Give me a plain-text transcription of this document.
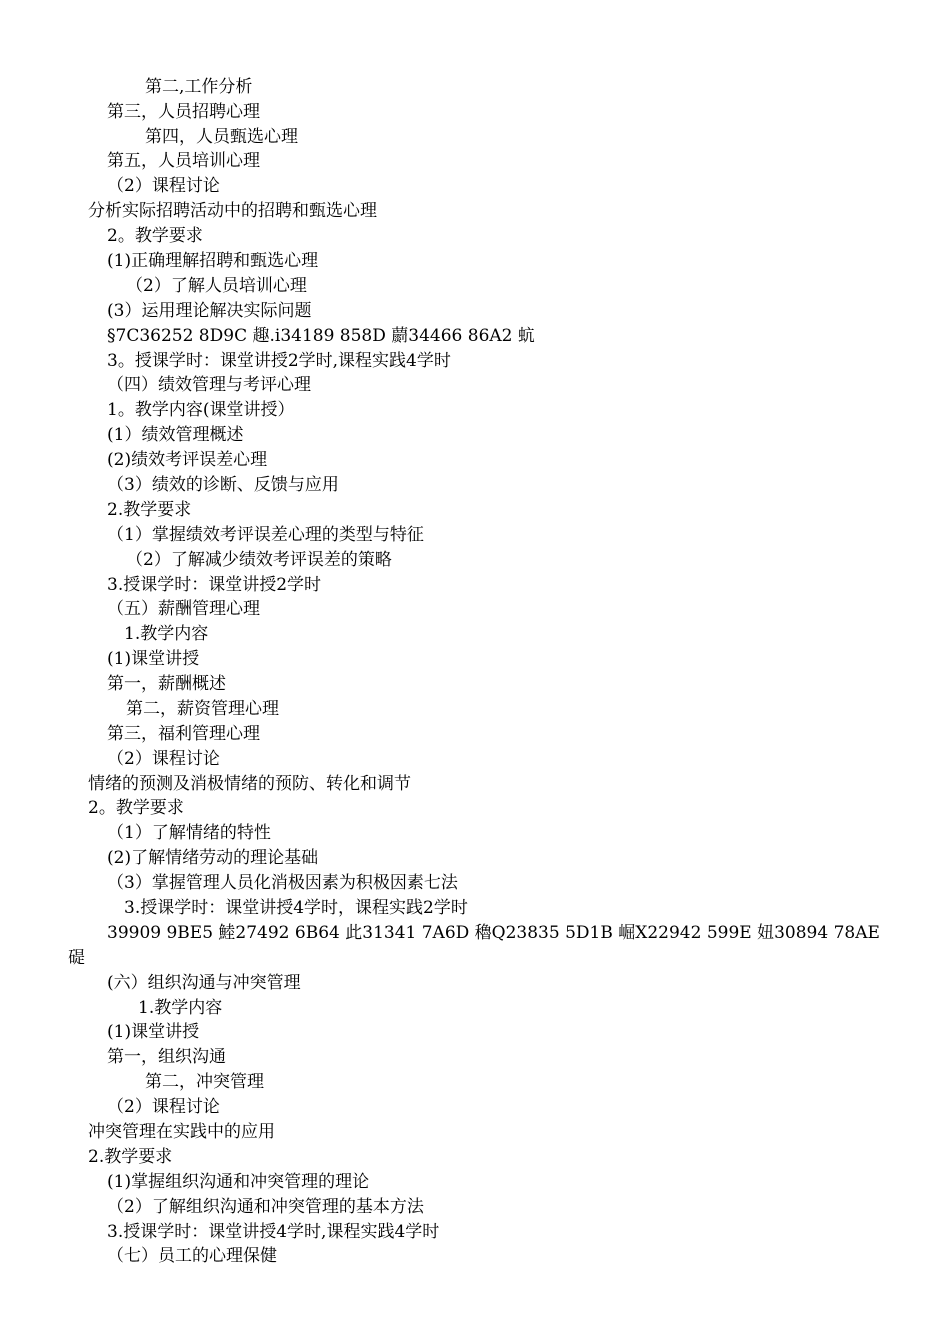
第二,工作分析
第三，人员招聘心理
第四，人员甄选心理
第五，人员培训心理
（2）课程讨论
分析实际招聘活动中的招聘和甄选心理
2。教学要求
(1)正确理解招聘和甄选心理
（2）了解人员培训心理
(3）运用理论解决实际问题
§7C36252 8D9C 趣.i34189 858D 蘮34466 86A2 蚢
3。授课学时：课堂讲授2学时,课程实践4学时
（四）绩效管理与考评心理
1。教学内容(课堂讲授）
(1）绩效管理概述
(2)绩效考评误差心理
（3）绩效的诊断、反馈与应用
2.教学要求
（1）掌握绩效考评误差心理的类型与特征
（2）了解减少绩效考评误差的策略
3.授课学时：课堂讲授2学时
（五）薪酬管理心理
1.教学内容
(1)课堂讲授
第一，薪酬概述
第二，薪资管理心理
第三，福利管理心理
（2）课程讨论
情绪的预测及消极情绪的预防、转化和调节
2。教学要求
（1）了解情绪的特性
(2)了解情绪劳动的理论基础
（3）掌握管理人员化消极因素为积极因素七法
3.授课学时：课堂讲授4学时，课程实践2学时
39909 9BE5 鯥27492 6B64 此31341 7A6D 穭Q23835 5D1B 崛X22942 599E 妞30894 78AE
碮
(六）组织沟通与冲突管理
1.教学内容
(1)课堂讲授
第一，组织沟通
第二，冲突管理
（2）课程讨论
冲突管理在实践中的应用
2.教学要求
(1)掌握组织沟通和冲突管理的理论
（2）了解组织沟通和冲突管理的基本方法
3.授课学时：课堂讲授4学时,课程实践4学时
（七）员工的心理保健
